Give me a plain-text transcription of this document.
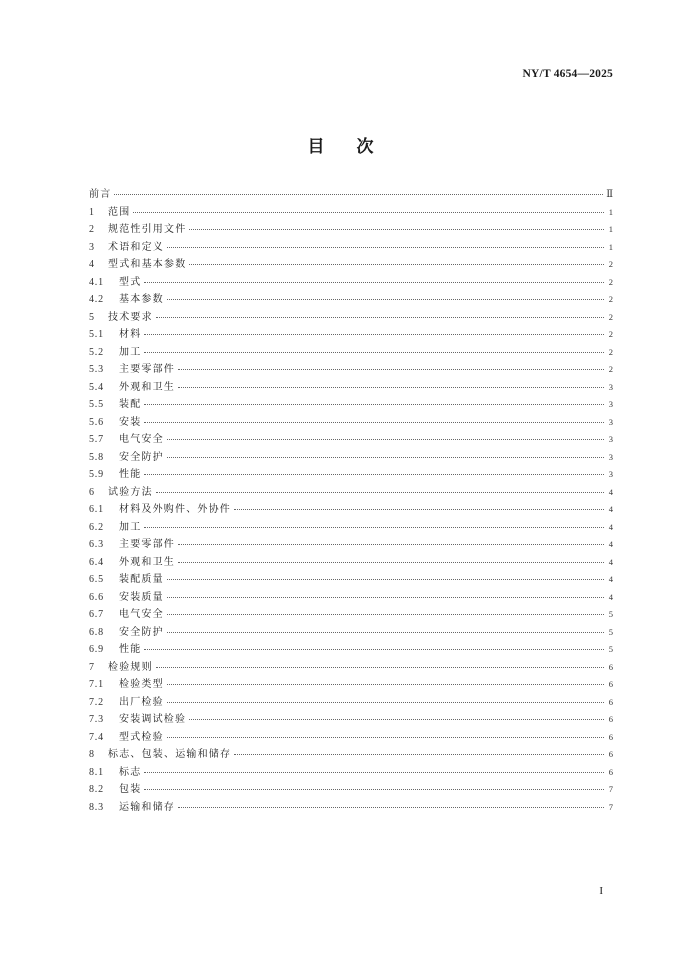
NY/T 4654—2025
目 次
前言	Ⅱ
1	范围	1
2	规范性引用文件	1
3	术语和定义	1
4	型式和基本参数	2
4.1	型式	2
4.2	基本参数	2
5	技术要求	2
5.1	材料	2
5.2	加工	2
5.3	主要零部件	2
5.4	外观和卫生	3
5.5	装配	3
5.6	安装	3
5.7	电气安全	3
5.8	安全防护	3
5.9	性能	3
6	试验方法	4
6.1	材料及外购件、外协件	4
6.2	加工	4
6.3	主要零部件	4
6.4	外观和卫生	4
6.5	装配质量	4
6.6	安装质量	4
6.7	电气安全	5
6.8	安全防护	5
6.9	性能	5
7	检验规则	6
7.1	检验类型	6
7.2	出厂检验	6
7.3	安装调试检验	6
7.4	型式检验	6
8	标志、包装、运输和储存	6
8.1	标志	6
8.2	包装	7
8.3	运输和储存	7
I
